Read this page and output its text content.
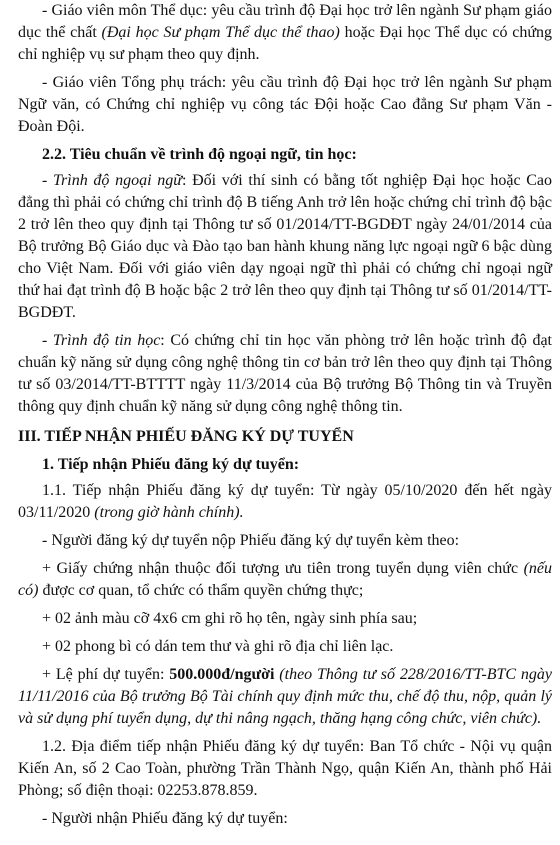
- Giáo viên môn Thể dục: yêu cầu trình độ Đại học trở lên ngành Sư phạm giáo dục thể chất (Đại học Sư phạm Thể dục thể thao) hoặc Đại học Thể dục có chứng chỉ nghiệp vụ sư phạm theo quy định.

- Giáo viên Tổng phụ trách: yêu cầu trình độ Đại học trở lên ngành Sư phạm Ngữ văn, có Chứng chỉ nghiệp vụ công tác Đội hoặc Cao đẳng Sư phạm Văn - Đoàn Đội.

2.2. Tiêu chuẩn về trình độ ngoại ngữ, tin học:

- Trình độ ngoại ngữ: Đối với thí sinh có bằng tốt nghiệp Đại học hoặc Cao đẳng thì phải có chứng chỉ trình độ B tiếng Anh trở lên hoặc chứng chỉ trình độ bậc 2 trở lên theo quy định tại Thông tư số 01/2014/TT-BGDĐT ngày 24/01/2014 của Bộ trưởng Bộ Giáo dục và Đào tạo ban hành khung năng lực ngoại ngữ 6 bậc dùng cho Việt Nam. Đối với giáo viên dạy ngoại ngữ thì phải có chứng chỉ ngoại ngữ thứ hai đạt trình độ B hoặc bậc 2 trở lên theo quy định tại Thông tư số 01/2014/TT-BGDĐT.

- Trình độ tin học: Có chứng chỉ tin học văn phòng trở lên hoặc trình độ đạt chuẩn kỹ năng sử dụng công nghệ thông tin cơ bản trở lên theo quy định tại Thông tư số 03/2014/TT-BTTTT ngày 11/3/2014 của Bộ trưởng Bộ Thông tin và Truyền thông quy định chuẩn kỹ năng sử dụng công nghệ thông tin.

III. TIẾP NHẬN PHIẾU ĐĂNG KÝ DỰ TUYỂN

1. Tiếp nhận Phiếu đăng ký dự tuyển:

1.1. Tiếp nhận Phiếu đăng ký dự tuyển: Từ ngày 05/10/2020 đến hết ngày 03/11/2020 (trong giờ hành chính).

- Người đăng ký dự tuyển nộp Phiếu đăng ký dự tuyển kèm theo:

+ Giấy chứng nhận thuộc đối tượng ưu tiên trong tuyển dụng viên chức (nếu có) được cơ quan, tổ chức có thẩm quyền chứng thực;

+ 02 ảnh màu cỡ 4x6 cm ghi rõ họ tên, ngày sinh phía sau;

+ 02 phong bì có dán tem thư và ghi rõ địa chỉ liên lạc.

+ Lệ phí dự tuyển: 500.000đ/người (theo Thông tư số 228/2016/TT-BTC ngày 11/11/2016 của Bộ trưởng Bộ Tài chính quy định mức thu, chế độ thu, nộp, quản lý và sử dụng phí tuyển dụng, dự thi nâng ngạch, thăng hạng công chức, viên chức).

1.2. Địa điểm tiếp nhận Phiếu đăng ký dự tuyển: Ban Tổ chức - Nội vụ quận Kiến An, số 2 Cao Toàn, phường Trần Thành Ngọ, quận Kiến An, thành phố Hải Phòng; số điện thoại: 02253.878.859.

- Người nhận Phiếu đăng ký dự tuyển:
